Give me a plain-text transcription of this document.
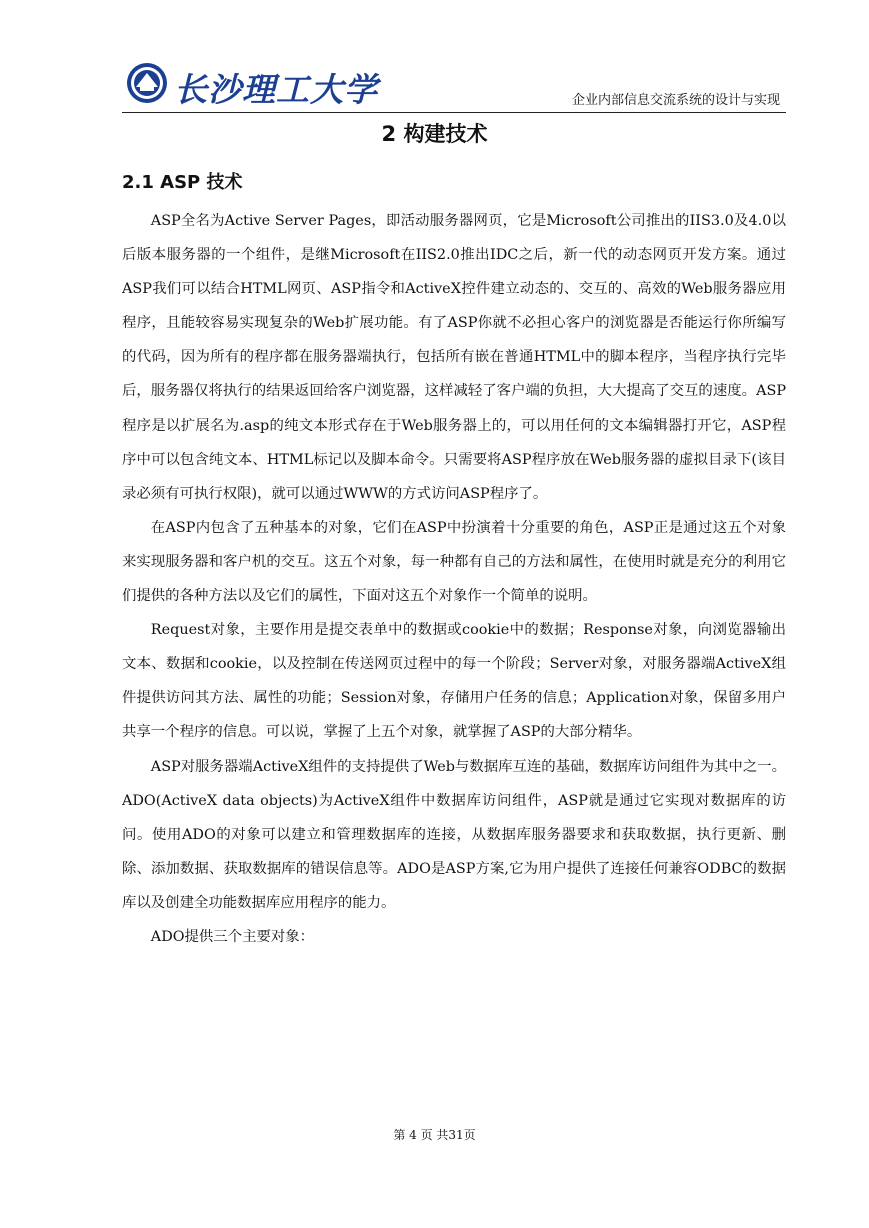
长沙理工大学	企业内部信息交流系统的设计与实现
2 构建技术
2.1 ASP 技术

ASP全名为Active Server Pages，即活动服务器网页，它是Microsoft公司推出的IIS3.0及4.0以后版本服务器的一个组件，是继Microsoft在IIS2.0推出IDC之后，新一代的动态网页开发方案。通过ASP我们可以结合HTML网页、ASP指令和ActiveX控件建立动态的、交互的、高效的Web服务器应用程序，且能较容易实现复杂的Web扩展功能。有了ASP你就不必担心客户的浏览器是否能运行你所编写的代码，因为所有的程序都在服务器端执行，包括所有嵌在普通HTML中的脚本程序，当程序执行完毕后，服务器仅将执行的结果返回给客户浏览器，这样减轻了客户端的负担，大大提高了交互的速度。ASP程序是以扩展名为.asp的纯文本形式存在于Web服务器上的，可以用任何的文本编辑器打开它，ASP程序中可以包含纯文本、HTML标记以及脚本命令。只需要将ASP程序放在Web服务器的虚拟目录下(该目录必须有可执行权限)，就可以通过WWW的方式访问ASP程序了。

在ASP内包含了五种基本的对象，它们在ASP中扮演着十分重要的角色，ASP正是通过这五个对象来实现服务器和客户机的交互。这五个对象，每一种都有自己的方法和属性，在使用时就是充分的利用它们提供的各种方法以及它们的属性，下面对这五个对象作一个简单的说明。

Request对象，主要作用是提交表单中的数据或cookie中的数据；Response对象，向浏览器输出文本、数据和cookie，以及控制在传送网页过程中的每一个阶段；Server对象，对服务器端ActiveX组件提供访问其方法、属性的功能；Session对象，存储用户任务的信息；Application对象，保留多用户共享一个程序的信息。可以说，掌握了上五个对象，就掌握了ASP的大部分精华。

ASP对服务器端ActiveX组件的支持提供了Web与数据库互连的基础，数据库访问组件为其中之一。ADO(ActiveX data objects)为ActiveX组件中数据库访问组件，ASP就是通过它实现对数据库的访问。使用ADO的对象可以建立和管理数据库的连接，从数据库服务器要求和获取数据，执行更新、删除、添加数据、获取数据库的错误信息等。ADO是ASP方案,它为用户提供了连接任何兼容ODBC的数据库以及创建全功能数据库应用程序的能力。

ADO提供三个主要对象：

第 4 页 共31页
